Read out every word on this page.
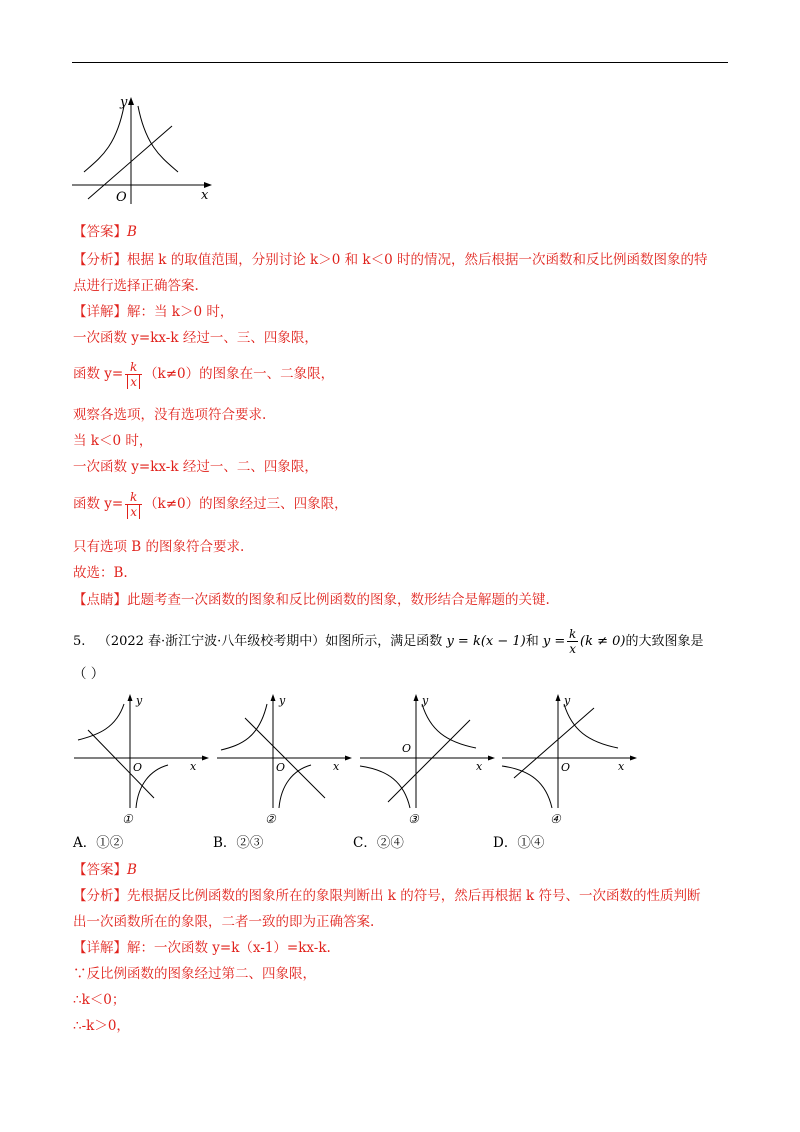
y
x
O
【答案】B
【分析】根据 k 的取值范围，分别讨论 k＞0 和 k＜0 时的情况，然后根据一次函数和反比例函数图象的特
点进行选择正确答案.
【详解】解：当 k＞0 时，
一次函数 y=kx-k 经过一、三、四象限，
函数 $y= \frac{k}{x} (k\ne 0)$的图象在一、二象限，
观察各选项，没有选项符合要求.
当 k＜0 时，
一次函数 y=kx-k 经过一、二、四象限，
函数 $y= \frac{k}{x} (k\ne 0)$的图象经过三、四象限，
只有选项 B 的图象符合要求.
故选：B.
【点睛】此题考查一次函数的图象和反比例函数的图象，数形结合是解题的关键.
5. （2022 春·浙江宁波·八年级校考期中）如图所示，满足函数 y = k(x − 1)和 $y = \frac{k}{x} (k \ne 0)$的大致图象是
（ ）
y
x
O
①
y
x
O
②
y
x
O
③
y
x
O
④
A．①②	B．②③	C．②④	D．①④
【答案】B
【分析】先根据反比例函数的图象所在的象限判断出 k 的符号，然后再根据 k 符号、一次函数的性质判断
出一次函数所在的象限，二者一致的即为正确答案.
【详解】解：一次函数 y=k（x-1）=kx-k.
∵反比例函数的图象经过第二、四象限，
∴k＜0；
∴-k＞0，
